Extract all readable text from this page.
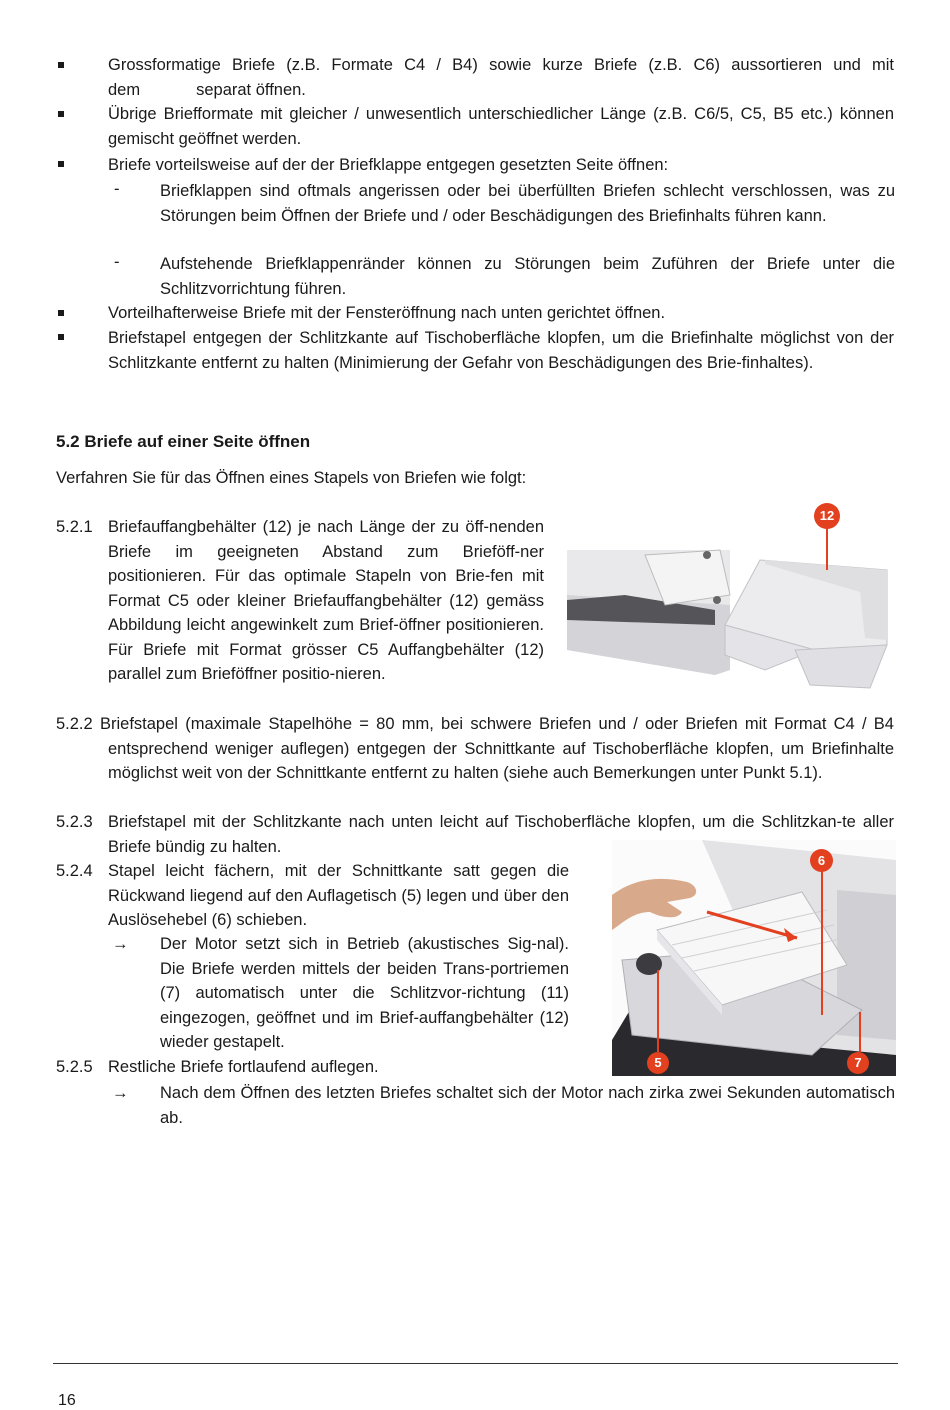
Grossformatige Briefe (z.B. Formate C4 / B4) sowie kurze Briefe (z.B. C6) aussortieren und mit
dem	separat öffnen.
Übrige Briefformate mit gleicher / unwesentlich unterschiedlicher Länge (z.B. C6/5, C5, B5 etc.) können gemischt geöffnet werden.
Briefe vorteilsweise auf der der Briefklappe entgegen gesetzten Seite öffnen:
- Briefklappen sind oftmals angerissen oder bei überfüllten Briefen schlecht verschlossen, was zu Störungen beim Öffnen der Briefe und / oder Beschädigungen des Briefinhalts führen kann.
- Aufstehende Briefklappenränder können zu Störungen beim Zuführen der Briefe unter die Schlitzvorrichtung führen.
Vorteilhafterweise Briefe mit der Fensteröffnung nach unten gerichtet öffnen.
Briefstapel entgegen der Schlitzkante auf Tischoberfläche klopfen, um die Briefinhalte möglichst von der Schlitzkante entfernt zu halten (Minimierung der Gefahr von Beschädigungen des Brie-finhaltes).
5.2 Briefe auf einer Seite öffnen
Verfahren Sie für das Öffnen eines Stapels von Briefen wie folgt:
5.2.1 Briefauffangbehälter (12) je nach Länge der zu öff-nenden Briefe im geeigneten Abstand zum Brieföff-ner positionieren. Für das optimale Stapeln von Brie-fen mit Format C5 oder kleiner Briefauffangbehälter (12) gemäss Abbildung leicht angewinkelt zum Brief-öffner positionieren. Für Briefe mit Format grösser C5 Auffangbehälter (12) parallel zum Brieföffner positio-nieren.
12
5.2.2 Briefstapel (maximale Stapelhöhe = 80 mm, bei schwere Briefen und / oder Briefen mit Format C4 / B4 entsprechend weniger auflegen) entgegen der Schnittkante auf Tischoberfläche klopfen, um Briefinhalte möglichst weit von der Schnittkante entfernt zu halten (siehe auch Bemerkungen unter Punkt 5.1).
5.2.3 Briefstapel mit der Schlitzkante nach unten leicht auf Tischoberfläche klopfen, um die Schlitzkan-te aller Briefe bündig zu halten.
5.2.4 Stapel leicht fächern, mit der Schnittkante satt gegen die Rückwand liegend auf den Auflagetisch (5) legen und über den Auslösehebel (6) schieben.
→ Der Motor setzt sich in Betrieb (akustisches Sig-nal). Die Briefe werden mittels der beiden Trans-portriemen (7) automatisch unter die Schlitzvor-richtung (11) eingezogen, geöffnet und im Brief-auffangbehälter (12) wieder gestapelt.
6
5	7
5.2.5 Restliche Briefe fortlaufend auflegen.
→ Nach dem Öffnen des letzten Briefes schaltet sich der Motor nach zirka zwei Sekunden automatisch ab.
16
